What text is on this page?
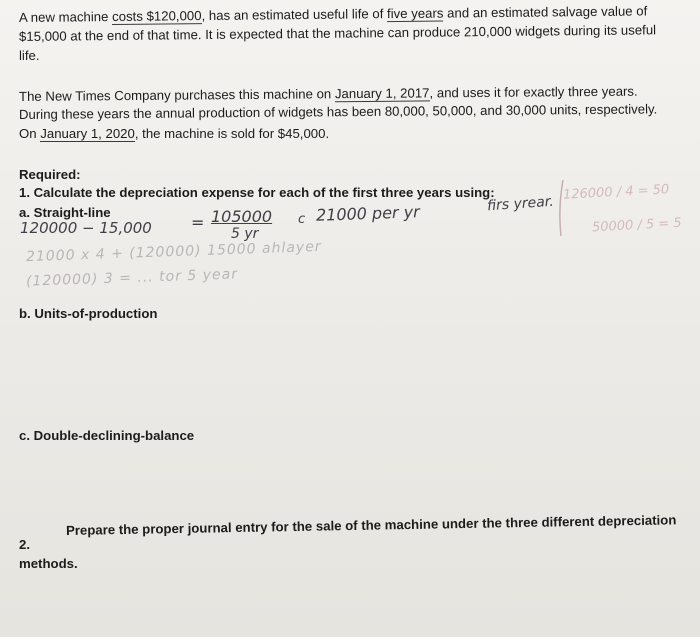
A new machine costs $120,000, has an estimated useful life of five years and an estimated salvage value of
$15,000 at the end of that time. It is expected that the machine can produce 210,000 widgets during its useful
life.
The New Times Company purchases this machine on January 1, 2017, and uses it for exactly three years.
During these years the annual production of widgets has been 80,000, 50,000, and 30,000 units, respectively.
On January 1, 2020, the machine is sold for $45,000.
Required:
1. Calculate the depreciation expense for each of the first three years using:
a. Straight-line
120000 − 15,000 = 105000
5 yr
c 21000 per yr	firs yrear.
126000 / 4 = 50
50000 / 5 = 5
21000 x 4 + (120000) 15000 ahlayer
(120000) 3 = ... tor 5 year
b. Units-of-production
c. Double-declining-balance
2.
Prepare the proper journal entry for the sale of the machine under the three different depreciation
methods.
